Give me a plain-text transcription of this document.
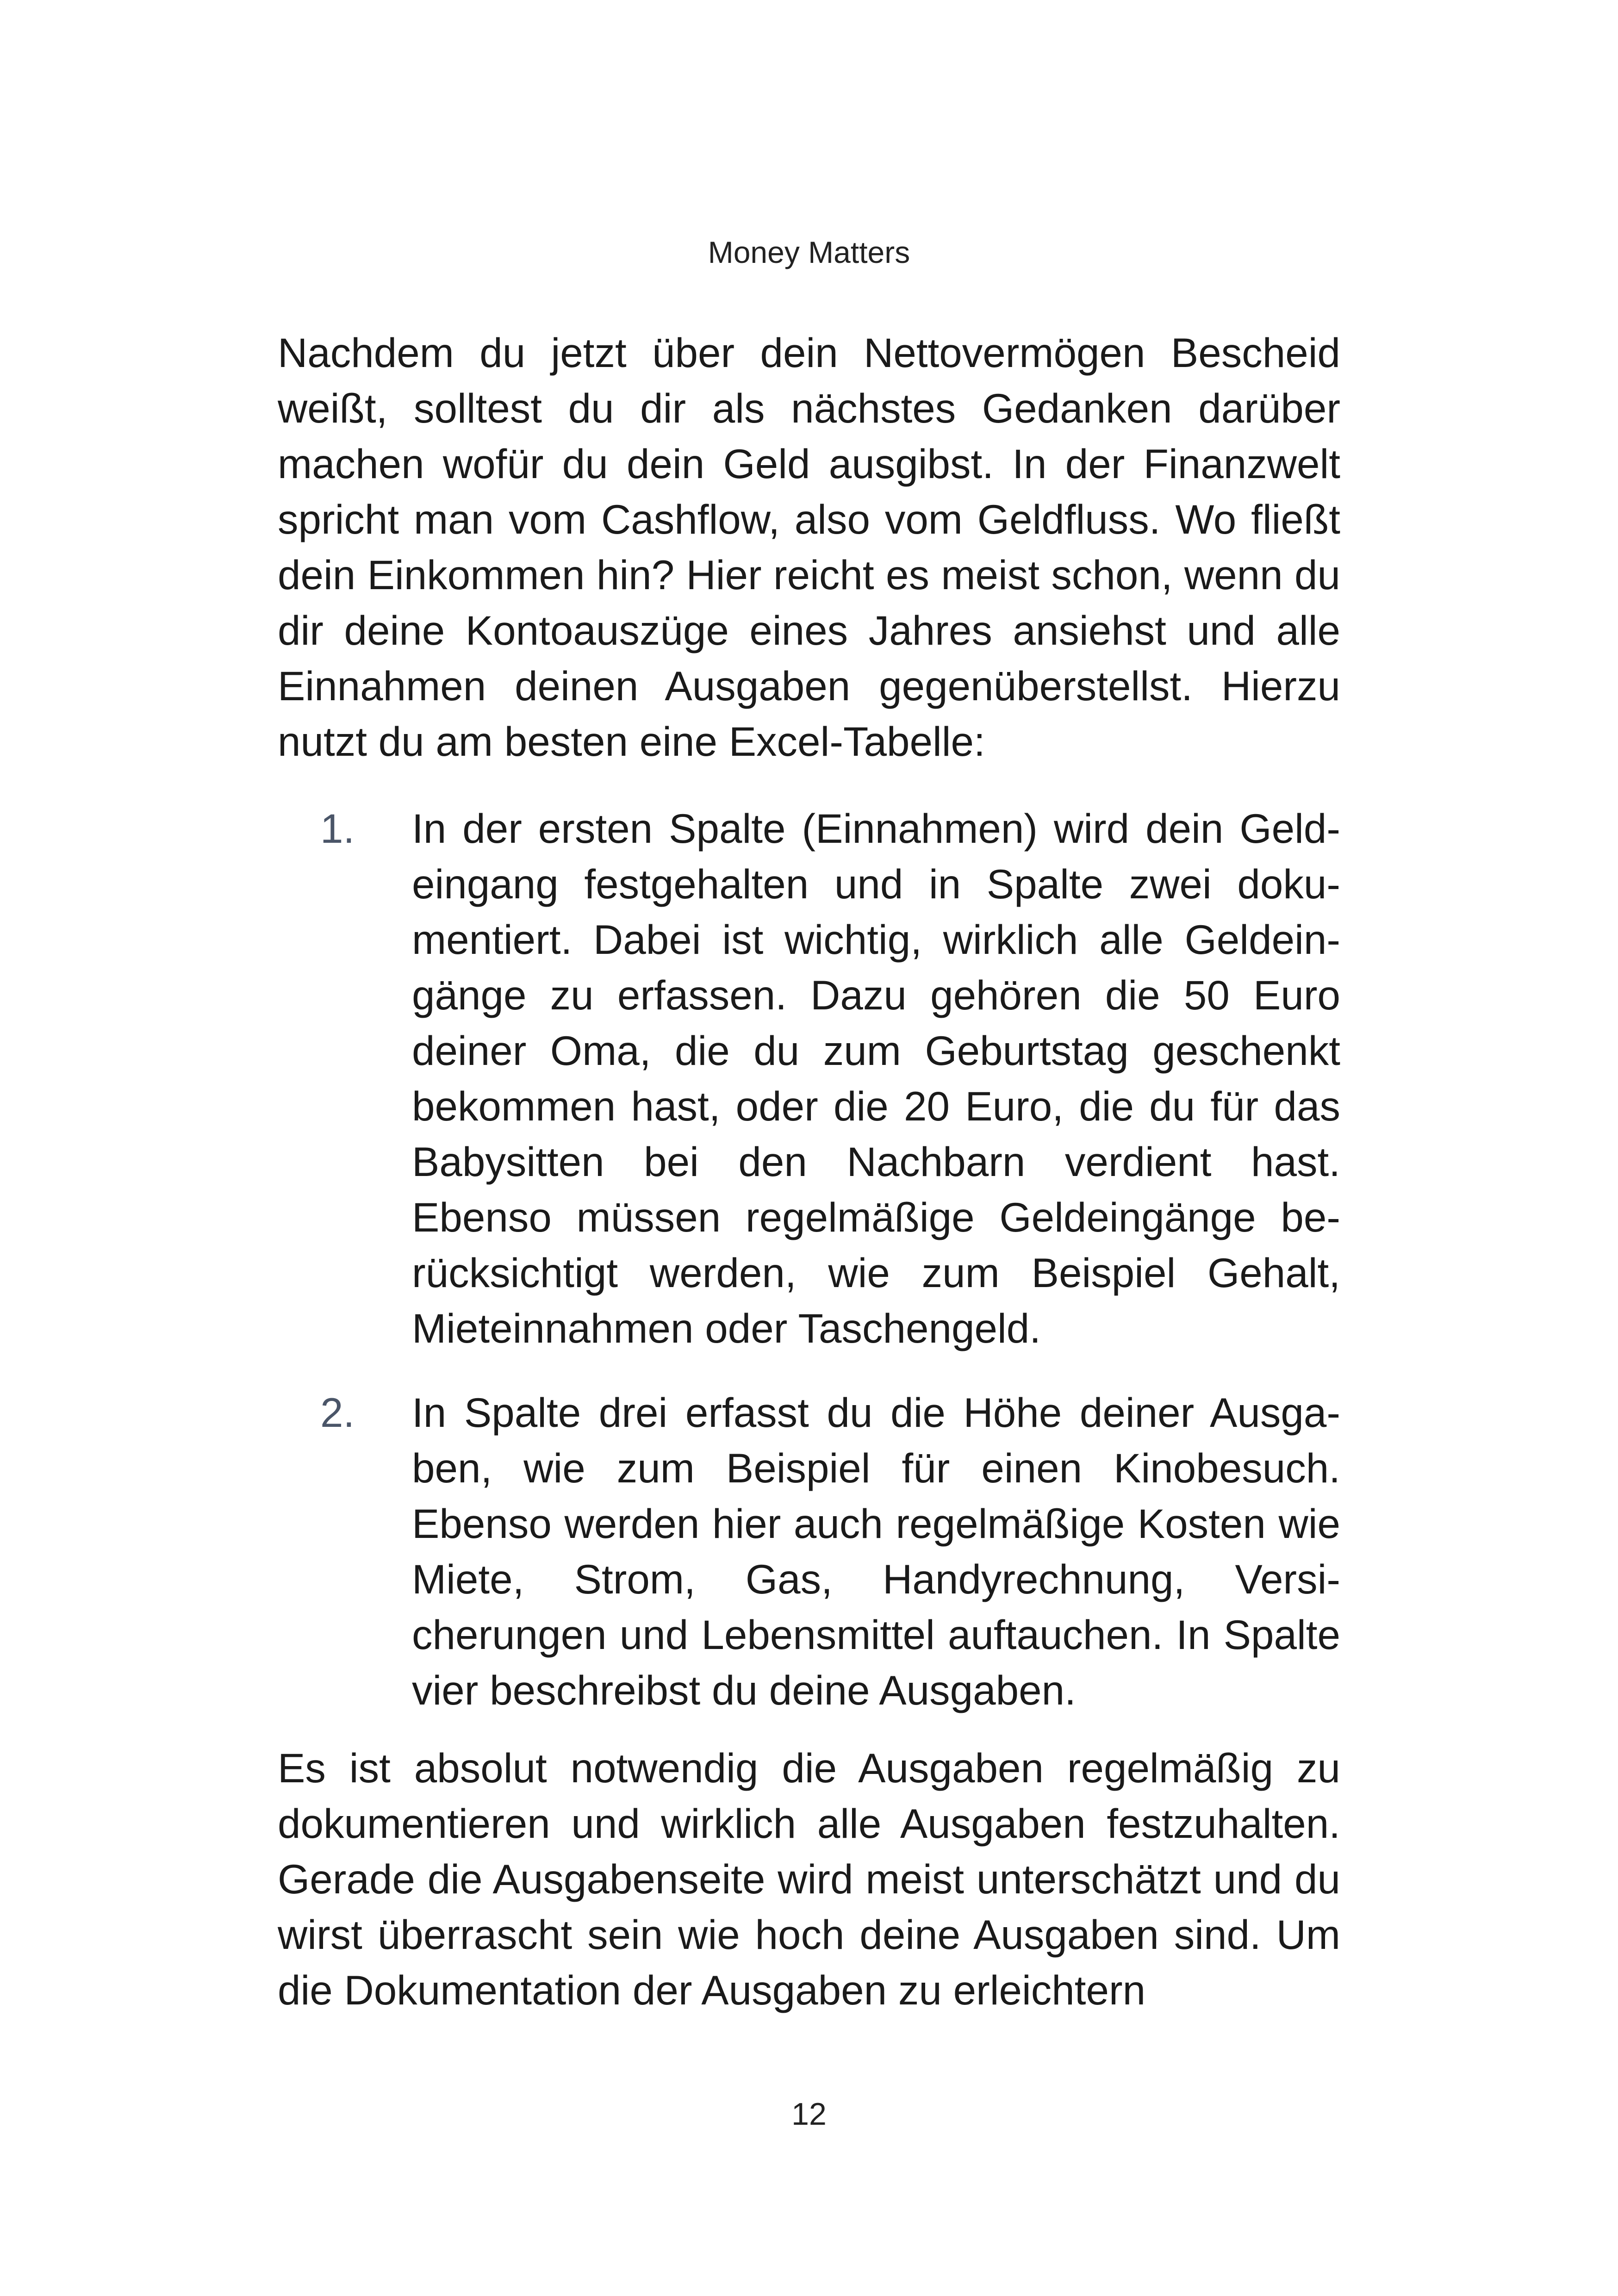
Money Matters

Nachdem du jetzt über dein Nettovermögen Bescheid weißt, solltest du dir als nächstes Gedanken darüber machen wofür du dein Geld ausgibst. In der Finanzwelt spricht man vom Cashflow, also vom Geldfluss. Wo fließt dein Einkommen hin? Hier reicht es meist schon, wenn du dir deine Kontoauszüge eines Jahres ansiehst und alle Einnahmen deinen Ausgaben gegenüberstellst. Hierzu nutzt du am besten eine Excel-Tabelle:

1. In der ersten Spalte (Einnahmen) wird dein Geldeingang festgehalten und in Spalte zwei dokumentiert. Dabei ist wichtig, wirklich alle Geldeingänge zu erfassen. Dazu gehören die 50 Euro deiner Oma, die du zum Geburtstag geschenkt bekommen hast, oder die 20 Euro, die du für das Babysitten bei den Nachbarn verdient hast. Ebenso müssen regelmäßige Geldeingänge berücksichtigt werden, wie zum Beispiel Gehalt, Mieteinnahmen oder Taschengeld.
2. In Spalte drei erfasst du die Höhe deiner Ausgaben, wie zum Beispiel für einen Kinobesuch. Ebenso werden hier auch regelmäßige Kosten wie Miete, Strom, Gas, Handyrechnung, Versicherungen und Lebensmittel auftauchen. In Spalte vier beschreibst du deine Ausgaben.

Es ist absolut notwendig die Ausgaben regelmäßig zu dokumentieren und wirklich alle Ausgaben festzuhalten. Gerade die Ausgabenseite wird meist unterschätzt und du wirst überrascht sein wie hoch deine Ausgaben sind. Um die Dokumentation der Ausgaben zu erleichtern

12
